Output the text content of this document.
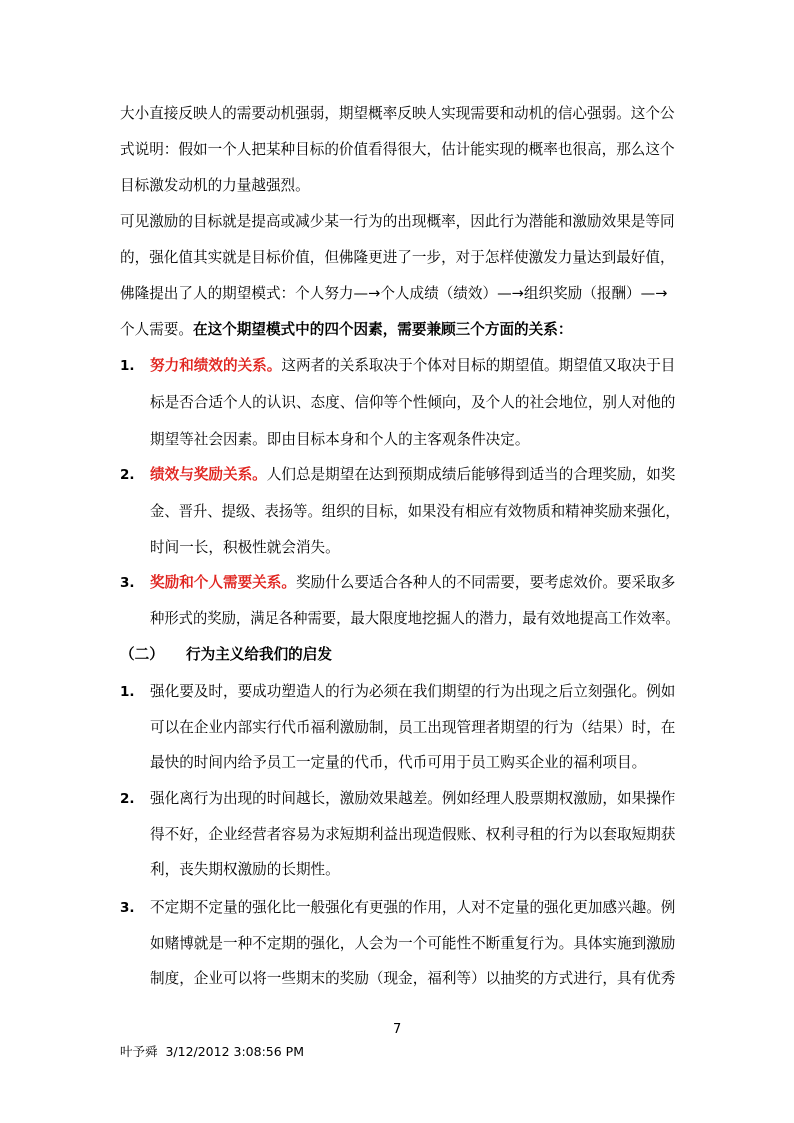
大小直接反映人的需要动机强弱，期望概率反映人实现需要和动机的信心强弱。这个公
式说明：假如一个人把某种目标的价值看得很大，估计能实现的概率也很高，那么这个
目标激发动机的力量越强烈。
可见激励的目标就是提高或减少某一行为的出现概率，因此行为潜能和激励效果是等同
的，强化值其实就是目标价值，但佛隆更进了一步，对于怎样使激发力量达到最好值，
佛隆提出了人的期望模式：个人努力—→个人成绩（绩效）—→组织奖励（报酬）—→
个人需要。在这个期望模式中的四个因素，需要兼顾三个方面的关系：
1. 努力和绩效的关系。这两者的关系取决于个体对目标的期望值。期望值又取决于目
标是否合适个人的认识、态度、信仰等个性倾向，及个人的社会地位，别人对他的
期望等社会因素。即由目标本身和个人的主客观条件决定。
2. 绩效与奖励关系。人们总是期望在达到预期成绩后能够得到适当的合理奖励，如奖
金、晋升、提级、表扬等。组织的目标，如果没有相应有效物质和精神奖励来强化，
时间一长，积极性就会消失。
3. 奖励和个人需要关系。奖励什么要适合各种人的不同需要，要考虑效价。要采取多
种形式的奖励，满足各种需要，最大限度地挖掘人的潜力，最有效地提高工作效率。
（二） 行为主义给我们的启发
1. 强化要及时，要成功塑造人的行为必须在我们期望的行为出现之后立刻强化。例如
可以在企业内部实行代币福利激励制，员工出现管理者期望的行为（结果）时，在
最快的时间内给予员工一定量的代币，代币可用于员工购买企业的福利项目。
2. 强化离行为出现的时间越长，激励效果越差。例如经理人股票期权激励，如果操作
得不好，企业经营者容易为求短期利益出现造假账、权利寻租的行为以套取短期获
利，丧失期权激励的长期性。
3. 不定期不定量的强化比一般强化有更强的作用，人对不定量的强化更加感兴趣。例
如赌博就是一种不定期的强化，人会为一个可能性不断重复行为。具体实施到激励
制度，企业可以将一些期末的奖励（现金，福利等）以抽奖的方式进行，具有优秀
7
叶予舜  3/12/2012 3:08:56 PM
